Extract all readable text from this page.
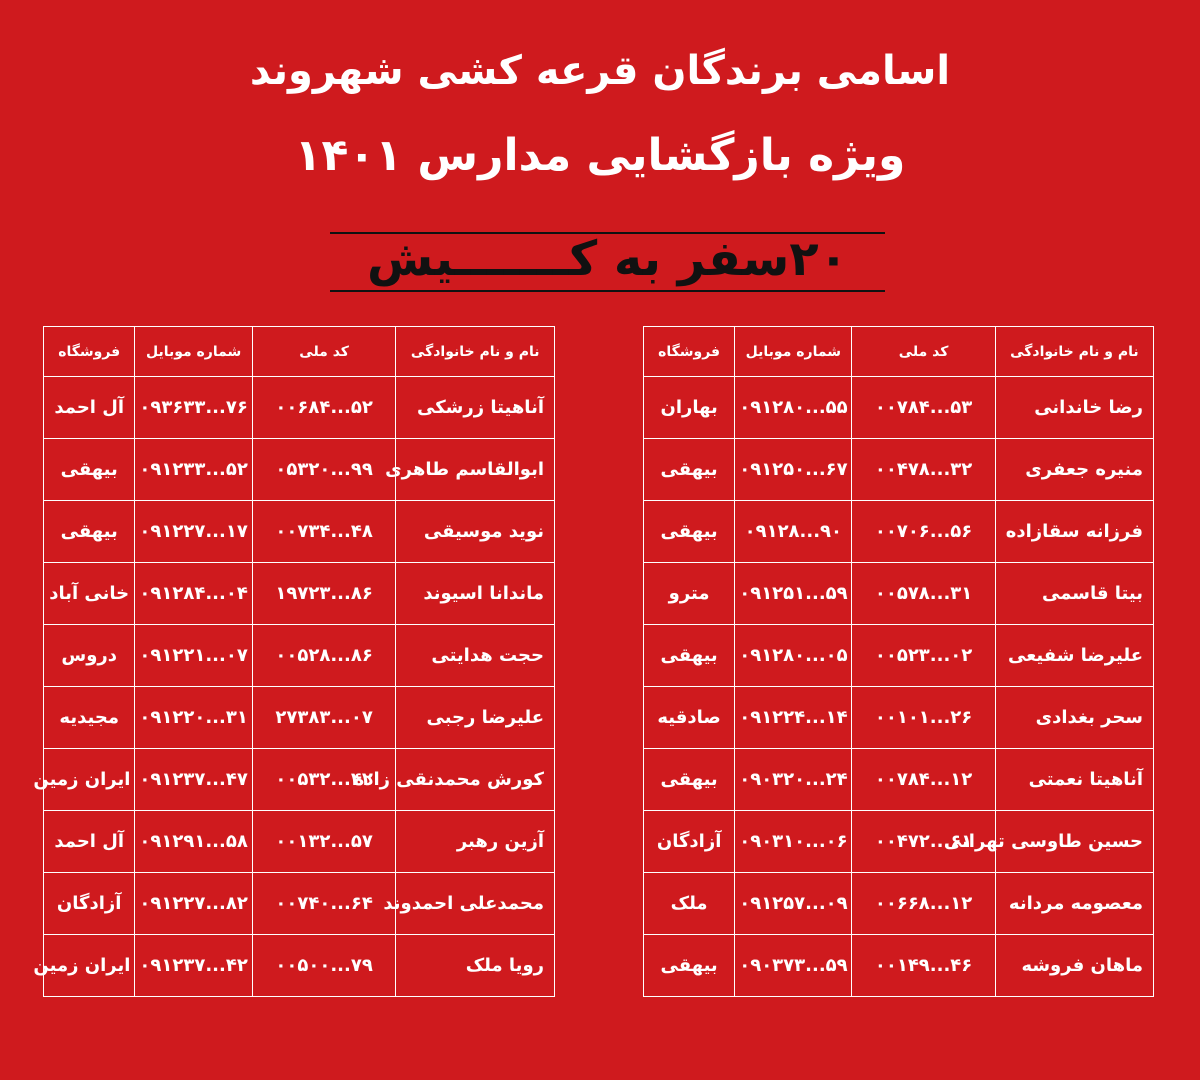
اسامی برندگان قرعه کشی شهروند
ویژه بازگشایی مدارس ۱۴۰۱
۲۰سفر به کـــــــیش
نام و نام خانوادگی	کد ملی	شماره موبایل	فروشگاه
رضا خاندانی	۰۰۷۸۴...۵۳	۰۹۱۲۸۰...۵۵	بهاران
منیره جعفری	۰۰۴۷۸...۳۲	۰۹۱۲۵۰...۶۷	بیهقی
فرزانه سقازاده	۰۰۷۰۶...۵۶	۰۹۱۲۸...۹۰	بیهقی
بیتا قاسمی	۰۰۵۷۸...۳۱	۰۹۱۲۵۱...۵۹	مترو
علیرضا شفیعی	۰۰۵۲۳...۰۲	۰۹۱۲۸۰...۰۵	بیهقی
سحر بغدادی	۰۰۱۰۱...۲۶	۰۹۱۲۲۴...۱۴	صادقیه
آناهیتا نعمتی	۰۰۷۸۴...۱۲	۰۹۰۳۲۰...۲۴	بیهقی
حسین طاوسی تهرانی	۰۰۴۷۲...۶۱	۰۹۰۳۱۰...۰۶	آزادگان
معصومه مردانه	۰۰۶۶۸...۱۲	۰۹۱۲۵۷...۰۹	ملک
ماهان فروشه	۰۰۱۴۹...۴۶	۰۹۰۳۷۳...۵۹	بیهقی
نام و نام خانوادگی	کد ملی	شماره موبایل	فروشگاه
آناهیتا زرشکی	۰۰۶۸۴...۵۲	۰۹۳۶۳۳...۷۶	آل احمد
ابوالقاسم طاهری	۰۵۳۲۰...۹۹	۰۹۱۲۳۳...۵۲	بیهقی
نوید موسیقی	۰۰۷۳۴...۴۸	۰۹۱۲۲۷...۱۷	بیهقی
ماندانا اسیوند	۱۹۷۲۳...۸۶	۰۹۱۲۸۴...۰۴	خانی آباد
حجت هدایتی	۰۰۵۲۸...۸۶	۰۹۱۲۲۱...۰۷	دروس
علیرضا رجبی	۲۷۳۸۳...۰۷	۰۹۱۲۲۰...۳۱	مجیدیه
کورش محمدنقی زاده	۰۰۵۳۲...۴۲	۰۹۱۲۳۷...۴۷	ایران زمین
آزین رهبر	۰۰۱۳۲...۵۷	۰۹۱۲۹۱...۵۸	آل احمد
محمدعلی احمدوند	۰۰۷۴۰...۶۴	۰۹۱۲۲۷...۸۲	آزادگان
رویا ملک	۰۰۵۰۰...۷۹	۰۹۱۲۳۷...۴۲	ایران زمین
